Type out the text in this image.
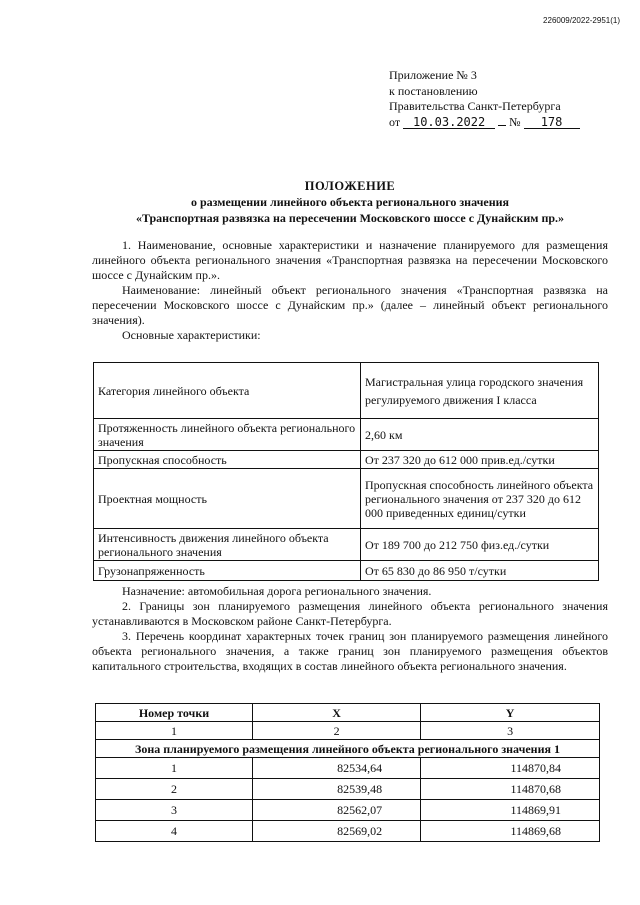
226009/2022-2951(1)
Приложение № 3
к постановлению
Правительства Санкт-Петербурга
от 10.03.2022 № 178
ПОЛОЖЕНИЕ
о размещении линейного объекта регионального значения
«Транспортная развязка на пересечении Московского шоссе с Дунайским пр.»

1. Наименование, основные характеристики и назначение планируемого для размещения линейного объекта регионального значения «Транспортная развязка на пересечении Московского шоссе с Дунайским пр.».

Наименование: линейный объект регионального значения «Транспортная развязка на пересечении Московского шоссе с Дунайским пр.» (далее – линейный объект регионального значения).

Основные характеристики:

Категория линейного объекта	Магистральная улица городского значения регулируемого движения I класса
Протяженность линейного объекта регионального значения	2,60 км
Пропускная способность	От 237 320 до 612 000 прив.ед./сутки
Проектная мощность	Пропускная способность линейного объекта регионального значения от 237 320 до 612 000 приведенных единиц/сутки
Интенсивность движения линейного объекта регионального значения	От 189 700 до 212 750 физ.ед./сутки
Грузонапряженность	От 65 830 до 86 950 т/сутки

Назначение: автомобильная дорога регионального значения.

2. Границы зон планируемого размещения линейного объекта регионального значения устанавливаются в Московском районе Санкт-Петербурга.

3. Перечень координат характерных точек границ зон планируемого размещения линейного объекта регионального значения, а также границ зон планируемого размещения объектов капитального строительства, входящих в состав линейного объекта регионального значения.

Номер точки	X	Y
1	2	3
Зона планируемого размещения линейного объекта регионального значения 1		
1	82534,64	114870,84
2	82539,48	114870,68
3	82562,07	114869,91
4	82569,02	114869,68
